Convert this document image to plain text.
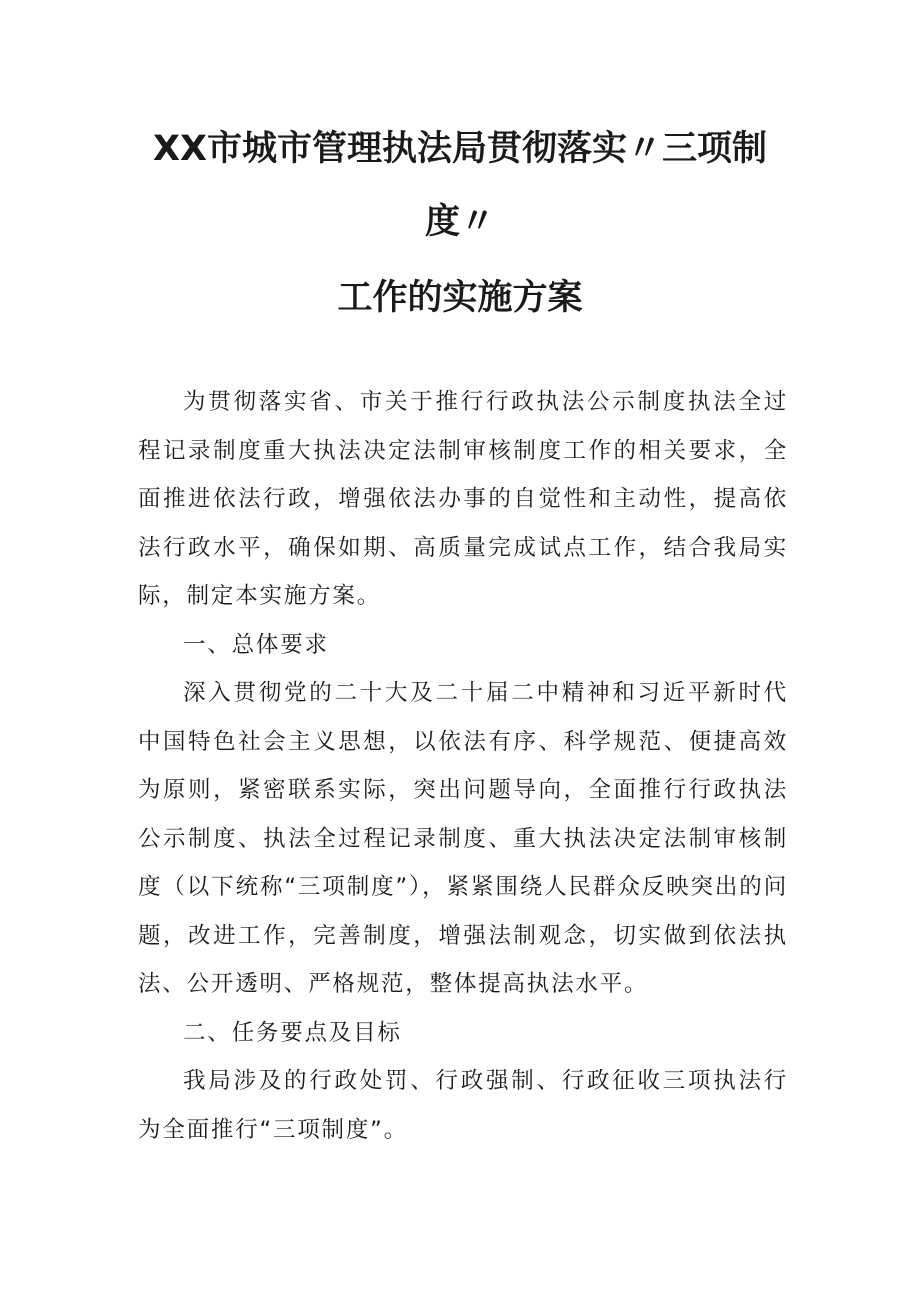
XX市城市管理执法局贯彻落实〃三项制
度〃
工作的实施方案

为贯彻落实省、市关于推行行政执法公示制度执法全过程记录制度重大执法决定法制审核制度工作的相关要求，全面推进依法行政，增强依法办事的自觉性和主动性，提高依法行政水平，确保如期、高质量完成试点工作，结合我局实际，制定本实施方案。

一、总体要求

深入贯彻党的二十大及二十届二中精神和习近平新时代中国特色社会主义思想，以依法有序、科学规范、便捷高效为原则，紧密联系实际，突出问题导向，全面推行行政执法公示制度、执法全过程记录制度、重大执法决定法制审核制度（以下统称“三项制度”），紧紧围绕人民群众反映突出的问题，改进工作，完善制度，增强法制观念，切实做到依法执法、公开透明、严格规范，整体提高执法水平。

二、任务要点及目标

我局涉及的行政处罚、行政强制、行政征收三项执法行为全面推行“三项制度”。
